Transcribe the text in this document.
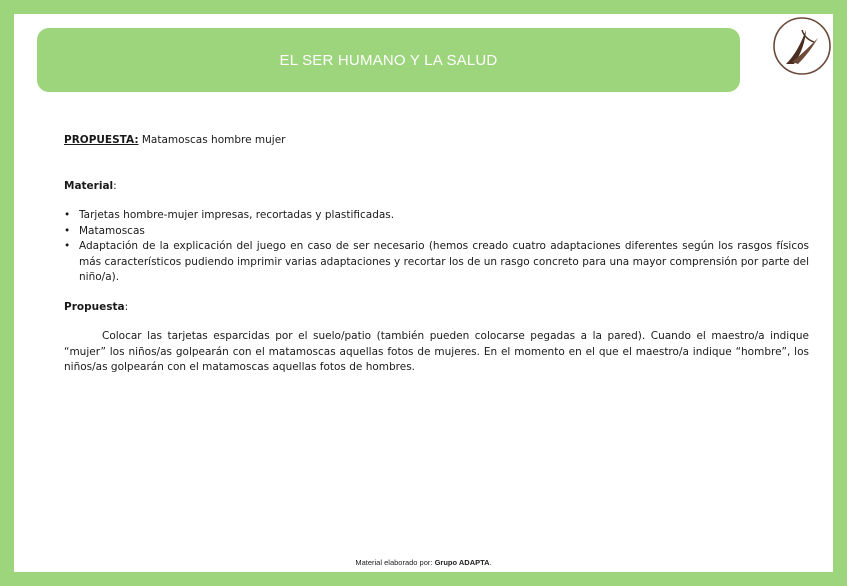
EL SER HUMANO Y LA SALUD

PROPUESTA: Matamoscas hombre mujer

Material:

• Tarjetas hombre-mujer impresas, recortadas y plastificadas.
• Matamoscas
• Adaptación de la explicación del juego en caso de ser necesario (hemos creado cuatro adaptaciones diferentes según los rasgos físicos más característicos pudiendo imprimir varias adaptaciones y recortar los de un rasgo concreto para una mayor comprensión por parte del niño/a).

Propuesta:

Colocar las tarjetas esparcidas por el suelo/patio (también pueden colocarse pegadas a la pared). Cuando el maestro/a indique “mujer” los niños/as golpearán con el matamoscas aquellas fotos de mujeres. En el momento en el que el maestro/a indique “hombre”, los niños/as golpearán con el matamoscas aquellas fotos de hombres.

Material elaborado por: Grupo ADAPTA.
